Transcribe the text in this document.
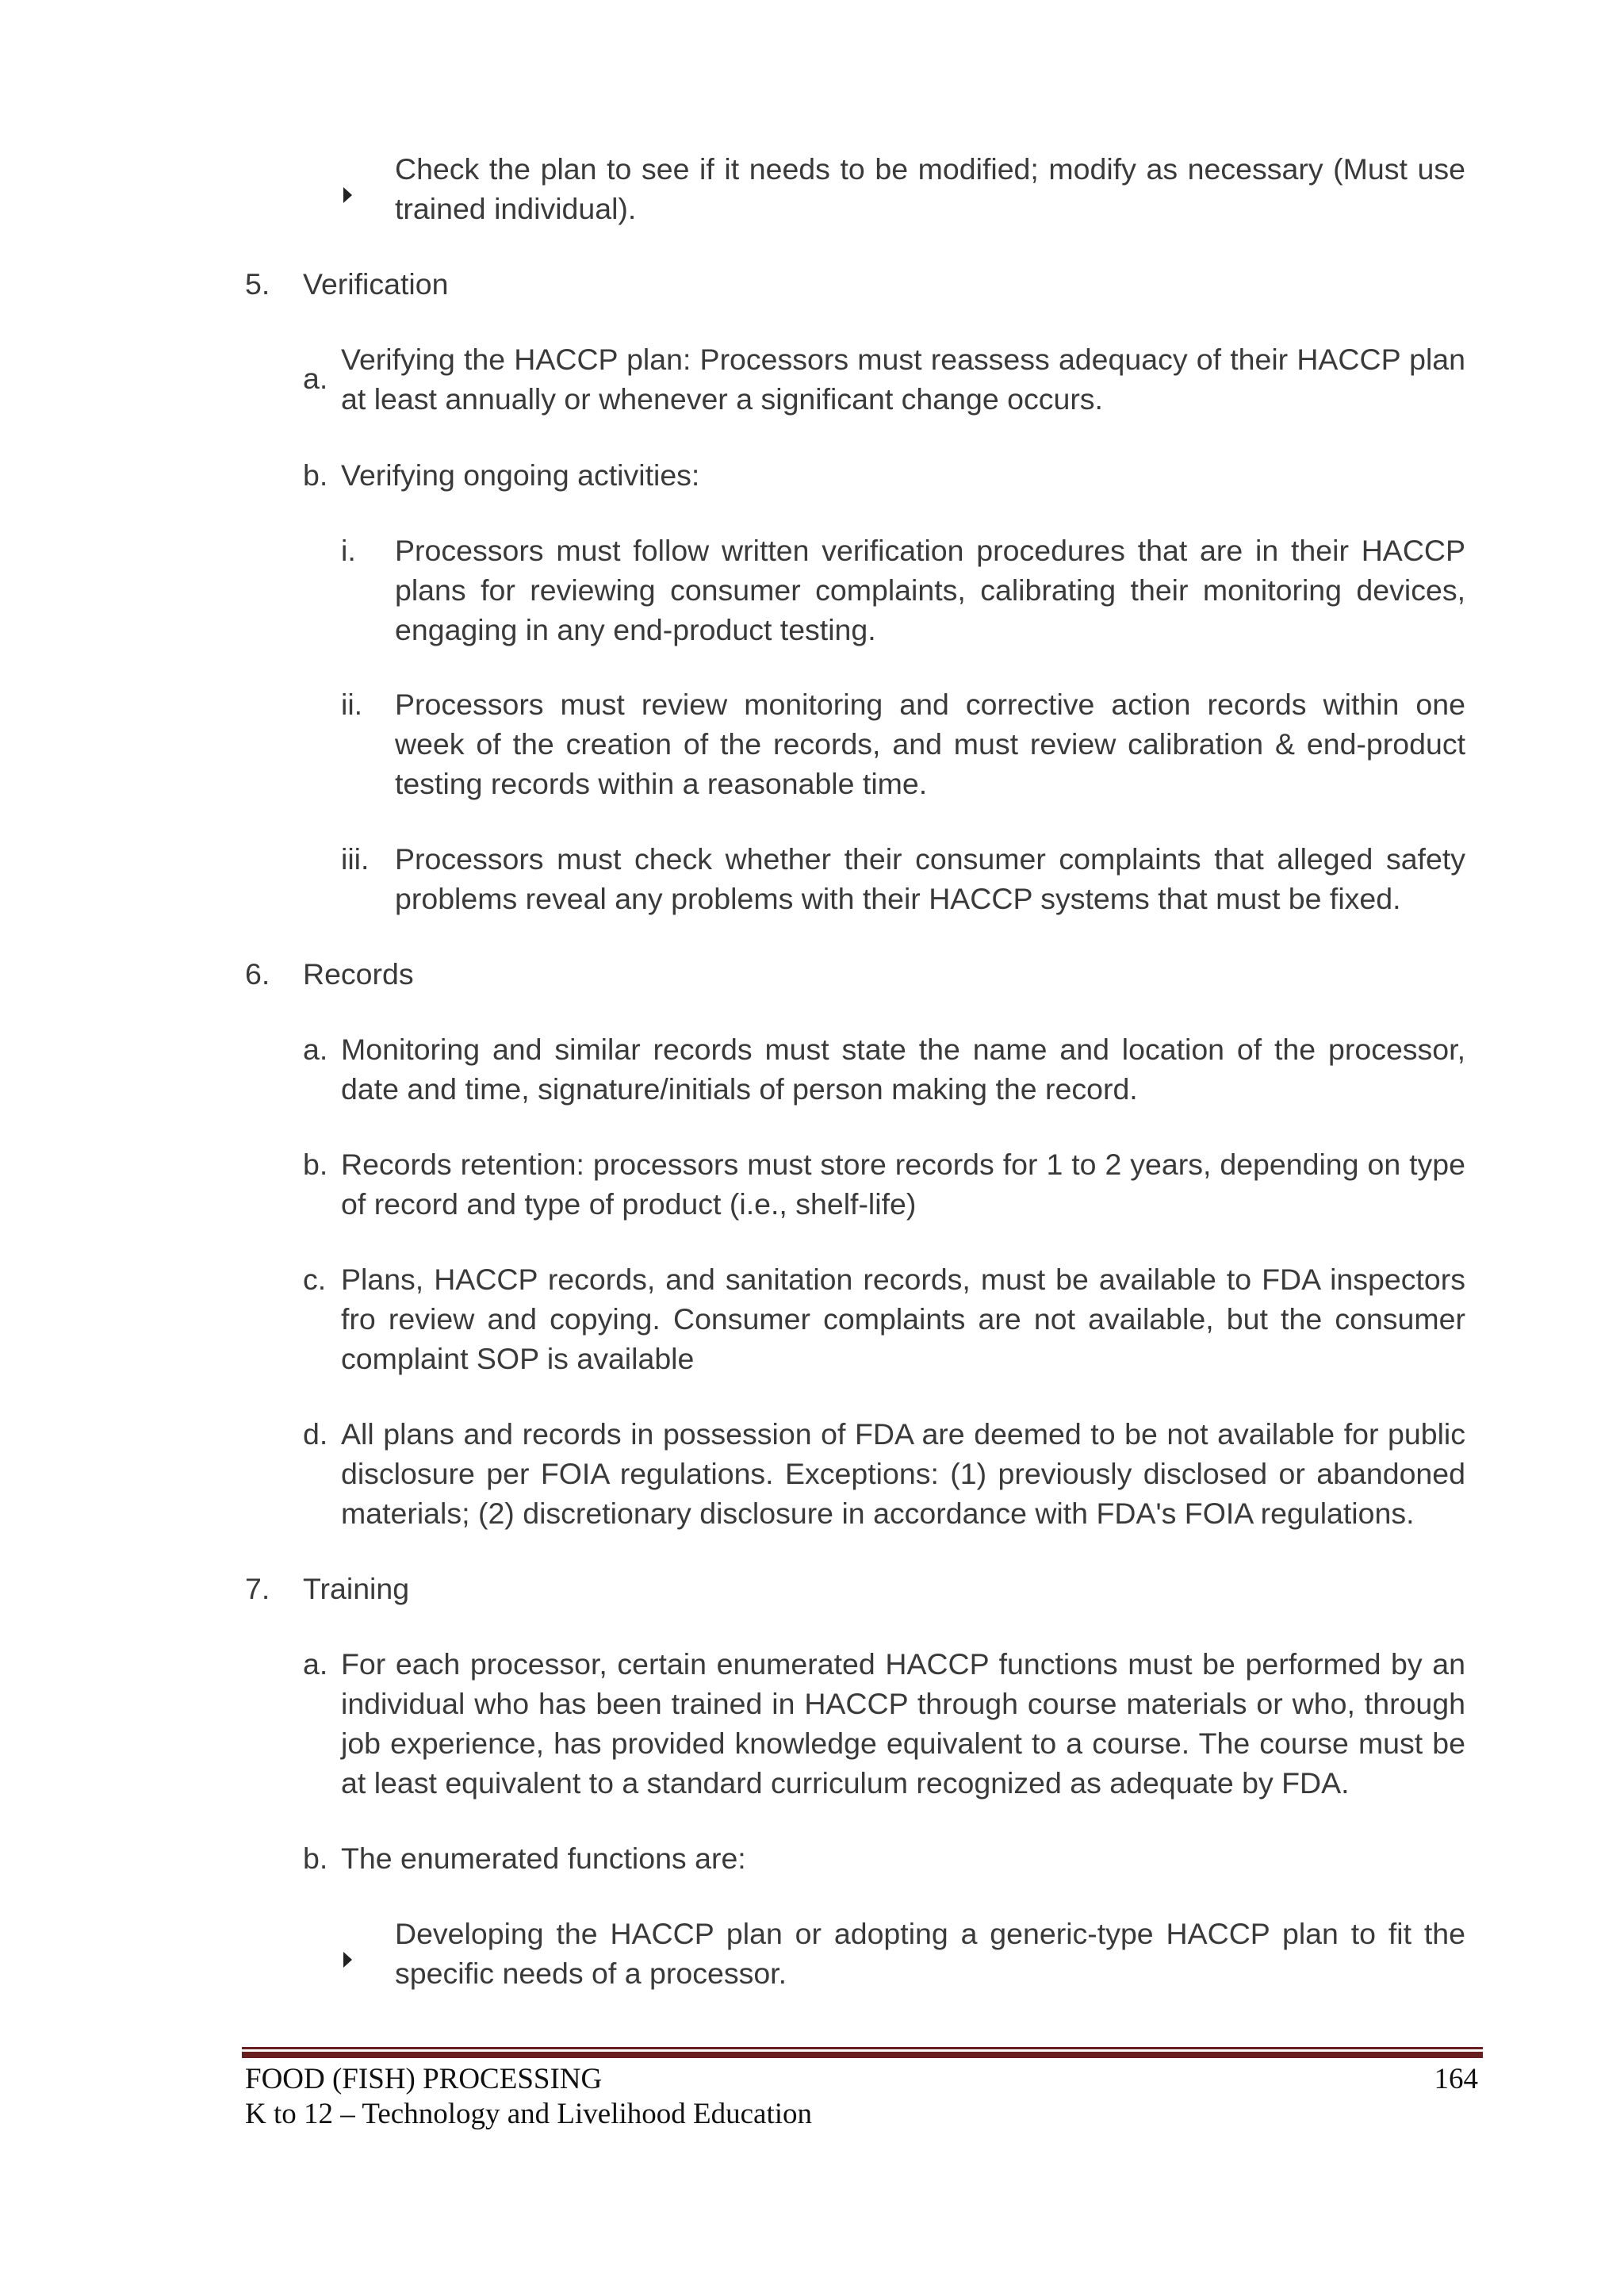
Check the plan to see if it needs to be modified; modify as necessary (Must use trained individual).

5. Verification
a.

Verifying the HACCP plan: Processors must reassess adequacy of their HACCP plan at least annually or whenever a significant change occurs.

b. Verifying ongoing activities:

i. Processors must follow written verification procedures that are in their HACCP plans for reviewing consumer complaints, calibrating their monitoring devices, engaging in any end-product testing.

ii. Processors must review monitoring and corrective action records within one week of the creation of the records, and must review calibration & end-product testing records within a reasonable time.

iii. Processors must check whether their consumer complaints that alleged safety problems reveal any problems with their HACCP systems that must be fixed.

6. Records
a. Monitoring and similar records must state the name and location of the processor, date and time, signature/initials of person making the record.

b. Records retention: processors must store records for 1 to 2 years, depending on type of record and type of product (i.e., shelf-life)

c. Plans, HACCP records, and sanitation records, must be available to FDA inspectors fro review and copying. Consumer complaints are not available, but the consumer complaint SOP is available

d. All plans and records in possession of FDA are deemed to be not available for public disclosure per FOIA regulations. Exceptions: (1) previously disclosed or abandoned materials; (2) discretionary disclosure in accordance with FDA's FOIA regulations.

7. Training
a. For each processor, certain enumerated HACCP functions must be performed by an individual who has been trained in HACCP through course materials or who, through job experience, has provided knowledge equivalent to a course. The course must be at least equivalent to a standard curriculum recognized as adequate by FDA.

b. The enumerated functions are:

Developing the HACCP plan or adopting a generic-type HACCP plan to fit the specific needs of a processor.

FOOD (FISH) PROCESSING	164
K to 12 – Technology and Livelihood Education
